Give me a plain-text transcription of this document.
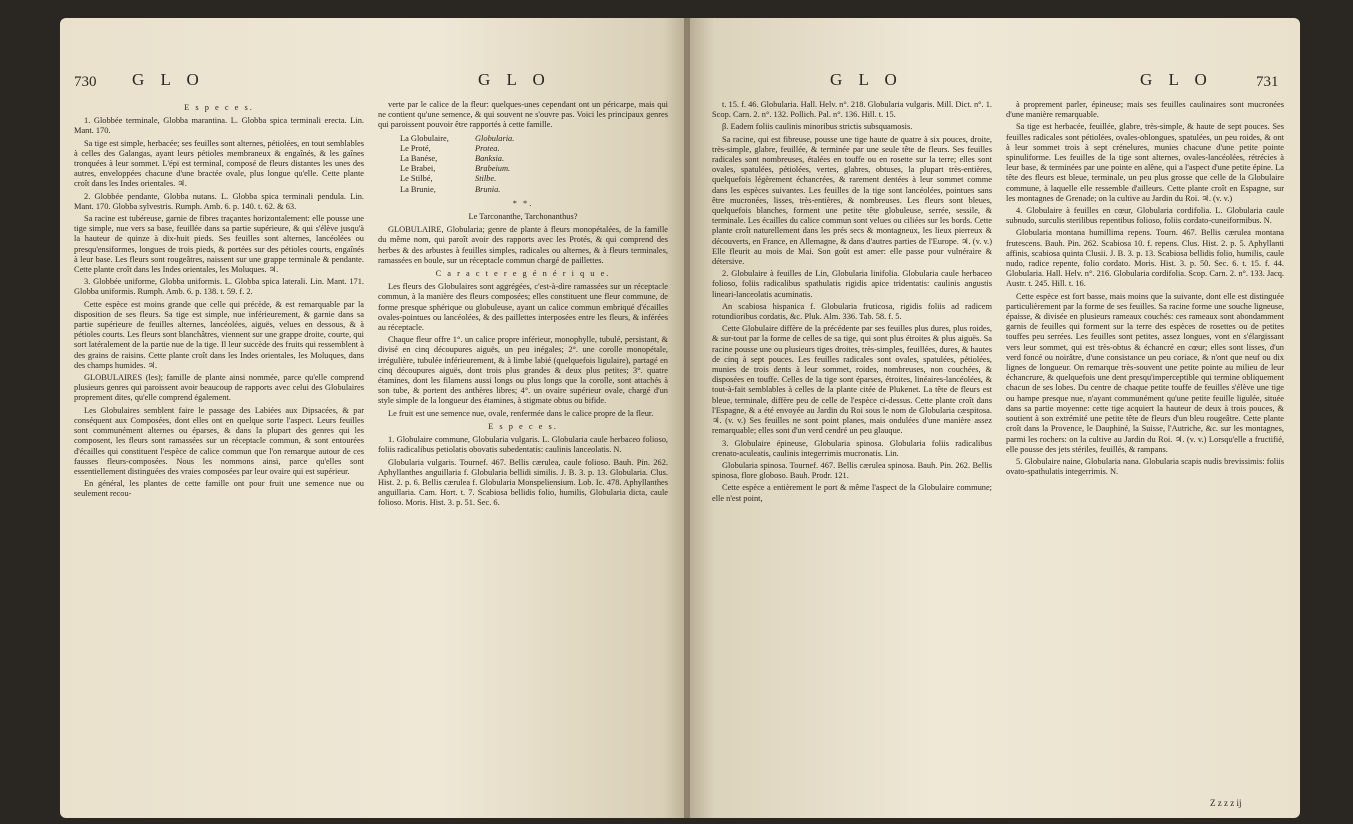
730 G L O	G L O

E s p e c e s.

1. Globbée terminale, Globba marantina. L. Globba spica terminali erecta. Lin. Mant. 170.

Sa tige est simple, herbacée; ses feuilles sont alternes, pétiolées, en tout semblables à celles des Galangas, ayant leurs pétioles membraneux & engaînés, & les gaînes tronquées à leur sommet. L'épi est terminal, composé de fleurs distantes les unes des autres, enveloppées chacune d'une bractée ovale, plus longue qu'elle. Cette plante croît dans les Indes orientales. ♃.

2. Globbée pendante, Globba nutans. L. Globba spica terminali pendula. Lin. Mant. 170. Globba sylvestris. Rumph. Amb. 6. p. 140. t. 62. & 63.

Sa racine est tubéreuse, garnie de fibres traçantes horizontalement: elle pousse une tige simple, nue vers sa base, feuillée dans sa partie supérieure, & qui s'élève jusqu'à la hauteur de quinze à dix-huit pieds. Ses feuilles sont alternes, lancéolées ou presqu'ensiformes, longues de trois pieds, & portées sur des pétioles courts, engaînés à leur base. Les fleurs sont rougeâtres, naissent sur une grappe terminale & pendante. Cette plante croît dans les Indes orientales, les Moluques. ♃.

3. Globbée uniforme, Globba uniformis. L. Globba spica laterali. Lin. Mant. 171. Globba uniformis. Rumph. Amb. 6. p. 138. t. 59. f. 2.

Cette espèce est moins grande que celle qui précède, & est remarquable par la disposition de ses fleurs. Sa tige est simple, nue inférieurement, & garnie dans sa partie supérieure de feuilles alternes, lancéolées, aiguës, velues en dessous, & à pétioles courts. Les fleurs sont blanchâtres, viennent sur une grappe droite, courte, qui sort latéralement de la partie nue de la tige. Il leur succède des fruits qui ressemblent à des grains de raisins. Cette plante croît dans les Indes orientales, les Moluques, dans des champs humides. ♃.

GLOBULAIRES (les); famille de plante ainsi nommée, parce qu'elle comprend plusieurs genres qui paroissent avoir beaucoup de rapports avec celui des Globulaires proprement dites, qu'elle comprend également.

Les Globulaires semblent faire le passage des Labiées aux Dipsacées, & par conséquent aux Composées, dont elles ont en quelque sorte l'aspect. Leurs feuilles sont communément alternes ou éparses, & dans la plupart des genres qui les composent, les fleurs sont ramassées sur un réceptacle commun, & sont entourées d'écailles qui constituent l'espèce de calice commun que l'on remarque autour de ces fausses fleurs-composées. Nous les nommons ainsi, parce qu'elles sont essentiellement distinguées des vraies composées par leur ovaire qui est supérieur.

En général, les plantes de cette famille ont pour fruit une semence nue ou seulement recou-

verte par le calice de la fleur: quelques-unes cependant ont un péricarpe, mais qui ne contient qu'une semence, & qui souvent ne s'ouvre pas. Voici les principaux genres qui paroissent pouvoir être rapportés à cette famille.

La Globulaire,	Globularia.
Le Proté,	Protea.
La Banése,	Banksia.
Le Brabei,	Brabeium.
Le Stilbé,	Stilbe.
La Brunie,	Brunia.

* *.

Le Tarconanthe, Tarchonanthus?

GLOBULAIRE, Globularia; genre de plante à fleurs monopétalées, de la famille du même nom, qui paroît avoir des rapports avec les Protés, & qui comprend des herbes & des arbustes à feuilles simples, radicales ou alternes, & à fleurs terminales, ramassées en boule, sur un réceptacle commun chargé de paillettes.

C a r a c t e r e g é n é r i q u e.

Les fleurs des Globulaires sont aggrégées, c'est-à-dire ramassées sur un réceptacle commun, à la manière des fleurs composées; elles constituent une fleur commune, de forme presque sphérique ou globuleuse, ayant un calice commun embriqué d'écailles ovales-pointues ou lancéolées, & des paillettes interposées entre les fleurs, & inférées au réceptacle.

Chaque fleur offre 1°. un calice propre inférieur, monophylle, tubulé, persistant, & divisé en cinq découpures aiguës, un peu inégales; 2°. une corolle monopétale, irrégulière, tubulée inférieurement, & à limbe labié (quelquefois ligulaire), partagé en cinq découpures aiguës, dont trois plus grandes & deux plus petites; 3°. quatre étamines, dont les filamens aussi longs ou plus longs que la corolle, sont attachés à son tube, & portent des anthères libres; 4°. un ovaire supérieur ovale, chargé d'un style simple de la longueur des étamines, à stigmate obtus ou bifide.

Le fruit est une semence nue, ovale, renfermée dans le calice propre de la fleur.

E s p e c e s.

1. Globulaire commune, Globularia vulgaris. L. Globularia caule herbaceo folioso, foliis radicalibus petiolatis obovatis subedentatis: caulinis lanceolatis. N.

Globularia vulgaris. Tournef. 467. Bellis cærulea, caule folioso. Bauh. Pin. 262. Aphyllanthes anguillaria f. Globularia bellidi similis. J. B. 3. p. 13. Globularia. Clus. Hist. 2. p. 6. Bellis cærulea f. Globularia Monspeliensium. Lob. Ic. 478. Aphyllanthes anguillaria. Cam. Hort. t. 7. Scabiosa bellidis folio, humilis, Globularia dicta, caule folioso. Moris. Hist. 3. p. 51. Sec. 6.

G L O	G L O	731

t. 15. f. 46. Globularia. Hall. Helv. n°. 218. Globularia vulgaris. Mill. Dict. n°. 1. Scop. Carn. 2. n°. 132. Pollich. Pal. n°. 136. Hill. t. 15.

β. Eadem foliis caulinis minoribus strictis subsquamosis.

Sa racine, qui est fibreuse, pousse une tige haute de quatre à six pouces, droite, très-simple, glabre, feuillée, & terminée par une seule tête de fleurs. Ses feuilles radicales sont nombreuses, étalées en touffe ou en rosette sur la terre; elles sont ovales, spatulées, pétiolées, vertes, glabres, obtuses, la plupart très-entières, quelquefois légèrement échancrées, & rarement dentées à leur sommet comme dans les espèces suivantes. Les feuilles de la tige sont lancéolées, pointues sans être mucronées, lisses, très-entières, & nombreuses. Les fleurs sont bleues, quelquefois blanches, forment une petite tête globuleuse, serrée, sessile, & terminale. Les écailles du calice commun sont velues ou ciliées sur les bords. Cette plante croît naturellement dans les prés secs & montagneux, les lieux pierreux & découverts, en France, en Allemagne, & dans d'autres parties de l'Europe. ♃. (v. v.) Elle fleurit au mois de Mai. Son goût est amer: elle passe pour vulnéraire & détersive.

2. Globulaire à feuilles de Lin, Globularia linifolia. Globularia caule herbaceo folioso, foliis radicalibus spathulatis rigidis apice tridentatis: caulinis angustis lineari-lanceolatis acuminatis.

An scabiosa hispanica f. Globularia fruticosa, rigidis foliis ad radicem rotundioribus cordatis, &c. Pluk. Alm. 336. Tab. 58. f. 5.

Cette Globulaire diffère de la précédente par ses feuilles plus dures, plus roides, & sur-tout par la forme de celles de sa tige, qui sont plus étroites & plus aiguës. Sa racine pousse une ou plusieurs tiges droites, très-simples, feuillées, dures, & hautes de cinq à sept pouces. Les feuilles radicales sont ovales, spatulées, pétiolées, munies de trois dents à leur sommet, roides, nombreuses, non couchées, & disposées en touffe. Celles de la tige sont éparses, étroites, linéaires-lancéolées, & tout-à-fait semblables à celles de la plante citée de Plukenet. La tête de fleurs est bleue, terminale, diffère peu de celle de l'espèce ci-dessus. Cette plante croît dans l'Espagne, & a été envoyée au Jardin du Roi sous le nom de Globularia cæspitosa. ♃. (v. v.) Ses feuilles ne sont point planes, mais ondulées d'une manière assez remarquable; elles sont d'un verd cendré un peu glauque.

3. Globulaire épineuse, Globularia spinosa. Globularia foliis radicalibus crenato-aculeatis, caulinis integerrimis mucronatis. Lin.

Globularia spinosa. Tournef. 467. Bellis cærulea spinosa. Bauh. Pin. 262. Bellis spinosa, flore globoso. Bauh. Prodr. 121.

Cette espèce a entièrement le port & même l'aspect de la Globulaire commune; elle n'est point,

à proprement parler, épineuse; mais ses feuilles caulinaires sont mucronées d'une manière remarquable.

Sa tige est herbacée, feuillée, glabre, très-simple, & haute de sept pouces. Ses feuilles radicales sont pétiolées, ovales-oblongues, spatulées, un peu roides, & ont à leur sommet trois à sept crénelures, munies chacune d'une petite pointe spinuliforme. Les feuilles de la tige sont alternes, ovales-lancéolées, rétrécies à leur base, & terminées par une pointe en alêne, qui a l'aspect d'une petite épine. La tête des fleurs est bleue, terminale, un peu plus grosse que celle de la Globulaire commune, à laquelle elle ressemble d'ailleurs. Cette plante croît en Espagne, sur les montagnes de Grenade; on la cultive au Jardin du Roi. ♃. (v. v.)

4. Globulaire à feuilles en cœur, Globularia cordifolia. L. Globularia caule subnudo, surculis sterilibus repentibus folioso, foliis cordato-cuneiformibus. N.

Globularia montana humillima repens. Tourn. 467. Bellis cærulea montana frutescens. Bauh. Pin. 262. Scabiosa 10. f. repens. Clus. Hist. 2. p. 5. Aphyllanti affinis, scabiosa quinta Clusii. J. B. 3. p. 13. Scabiosa bellidis folio, humilis, caule nudo, radice repente, folio cordato. Moris. Hist. 3. p. 50. Sec. 6. t. 15. f. 44. Globularia. Hall. Helv. n°. 216. Globularia cordifolia. Scop. Carn. 2. n°. 133. Jacq. Austr. t. 245. Hill. t. 16.

Cette espèce est fort basse, mais moins que la suivante, dont elle est distinguée particulièrement par la forme de ses feuilles. Sa racine forme une souche ligneuse, épaisse, & divisée en plusieurs rameaux couchés: ces rameaux sont abondamment garnis de feuilles qui forment sur la terre des espèces de rosettes ou de petites touffes peu serrées. Les feuilles sont petites, assez longues, vont en s'élargissant vers leur sommet, qui est très-obtus & échancré en cœur; elles sont lisses, d'un verd foncé ou noirâtre, d'une consistance un peu coriace, & n'ont que neuf ou dix lignes de longueur. On remarque très-souvent une petite pointe au milieu de leur échancrure, & quelquefois une dent presqu'imperceptible qui termine obliquement chacun de ses lobes. Du centre de chaque petite touffe de feuilles s'élève une tige ou hampe presque nue, n'ayant communément qu'une petite feuille ligulée, située dans sa partie moyenne: cette tige acquiert la hauteur de deux à trois pouces, & soutient à son extrémité une petite tête de fleurs d'un bleu rougeâtre. Cette plante croît dans la Provence, le Dauphiné, la Suisse, l'Autriche, &c. sur les montagnes, parmi les rochers: on la cultive au Jardin du Roi. ♃. (v. v.) Lorsqu'elle a fructifié, elle pousse des jets stériles, feuillés, & rampans.

5. Globulaire naine, Globularia nana. Globularia scapis nudis brevissimis: foliis ovato-spathulatis integerrimis. N.

Z z z z ij
